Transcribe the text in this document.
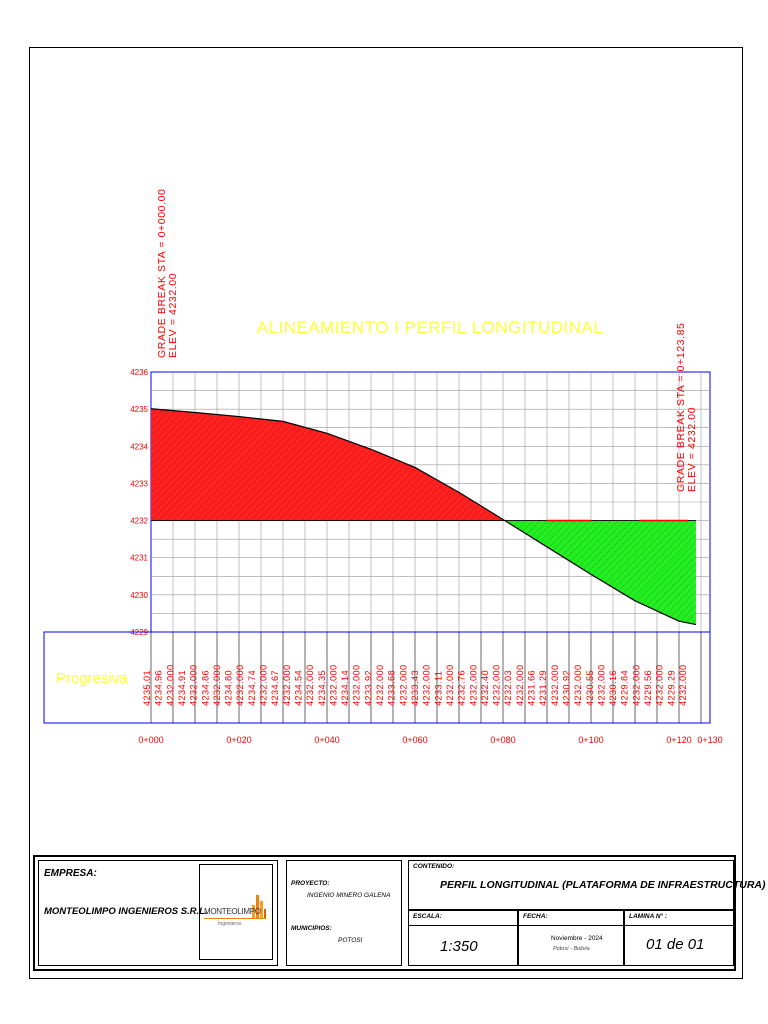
4236
4235
4234
4233
4232
4231
4230
4229
ALINEAMIENTO I PERFIL LONGITUDINAL
GRADE BREAK STA = 0+000.00 ELEV = 4232.00
GRADE BREAK STA = 0+123.85 ELEV = 4232.00
Progresiva 4235.01 4234.96 4232.000 4234.91 4232.000 4234.86 4232.000 4234.80 4232.000 4234.74 4232.000 4234.67 4232.000 4234.54 4232.000 4234.35 4232.000 4234.14 4232.000 4233.92 4232.000 4233.68 4232.000 4233.43 4232.000 4233.11 4232.000 4232.76 4232.000 4232.40 4232.000 4232.03 4232.000 4231.66 4231.29 4232.000 4230.92 4232.000 4230.55 4232.000 4230.16 4229.84 4232.000 4229.56 4232.000 4229.29 4232.000
0+000	0+020	0+040	0+060	0+080	0+100	0+120 0+130
EMPRESA:
MONTEOLIMPO INGENIEROS S.R.L.
MONTEOLIMPO
Ingenieros
PROYECTO:
INGENIO MINERO GALENA
MUNICIPIOS:
POTOSI
CONTENIDO:
PERFIL LONGITUDINAL (PLATAFORMA DE INFRAESTRUCTURA)
ESCALA:
1:350
FECHA:
Noviembre - 2024
Potosí - Bolivia
LAMINA N° :
01 de 01
